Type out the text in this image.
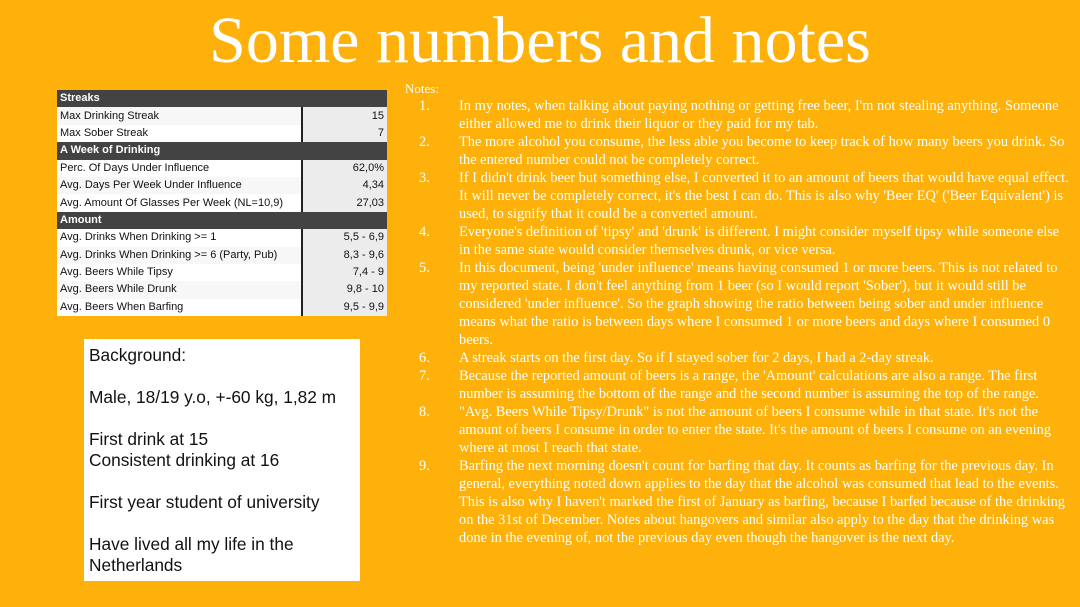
Some numbers and notes
Streaks	
Max Drinking Streak	15
Max Sober Streak	7
A Week of Drinking	
Perc. Of Days Under Influence	62,0%
Avg. Days Per Week Under Influence	4,34
Avg. Amount Of Glasses Per Week (NL=10,9)	27,03
Amount	
Avg. Drinks When Drinking >= 1	5,5 - 6,9
Avg. Drinks When Drinking >= 6 (Party, Pub)	8,3 - 9,6
Avg. Beers While Tipsy	7,4 - 9
Avg. Beers While Drunk	9,8 - 10
Avg. Beers When Barfing	9,5 - 9,9
Background:
Male, 18/19 y.o, +-60 kg, 1,82 m
First drink at 15
Consistent drinking at 16
First year student of university
Have lived all my life in the
Netherlands
Notes:
1. In my notes, when talking about paying nothing or getting free beer, I'm not stealing anything. Someone either allowed me to drink their liquor or they paid for my tab.
2. The more alcohol you consume, the less able you become to keep track of how many beers you drink. So the entered number could not be completely correct.
3. If I didn't drink beer but something else, I converted it to an amount of beers that would have equal effect. It will never be completely correct, it's the best I can do. This is also why 'Beer EQ' ('Beer Equivalent') is used, to signify that it could be a converted amount.
4. Everyone's definition of 'tipsy' and 'drunk' is different. I might consider myself tipsy while someone else in the same state would consider themselves drunk, or vice versa.
5. In this document, being 'under influence' means having consumed 1 or more beers. This is not related to my reported state. I don't feel anything from 1 beer (so I would report 'Sober'), but it would still be considered 'under influence'. So the graph showing the ratio between being sober and under influence means what the ratio is between days where I consumed 1 or more beers and days where I consumed 0 beers.
6. A streak starts on the first day. So if I stayed sober for 2 days, I had a 2-day streak.
7. Because the reported amount of beers is a range, the 'Amount' calculations are also a range. The first number is assuming the bottom of the range and the second number is assuming the top of the range.
8. "Avg. Beers While Tipsy/Drunk" is not the amount of beers I consume while in that state. It's not the amount of beers I consume in order to enter the state. It's the amount of beers I consume on an evening where at most I reach that state.
9. Barfing the next morning doesn't count for barfing that day. It counts as barfing for the previous day. In general, everything noted down applies to the day that the alcohol was consumed that lead to the events. This is also why I haven't marked the first of January as barfing, because I barfed because of the drinking on the 31st of December. Notes about hangovers and similar also apply to the day that the drinking was done in the evening of, not the previous day even though the hangover is the next day.
